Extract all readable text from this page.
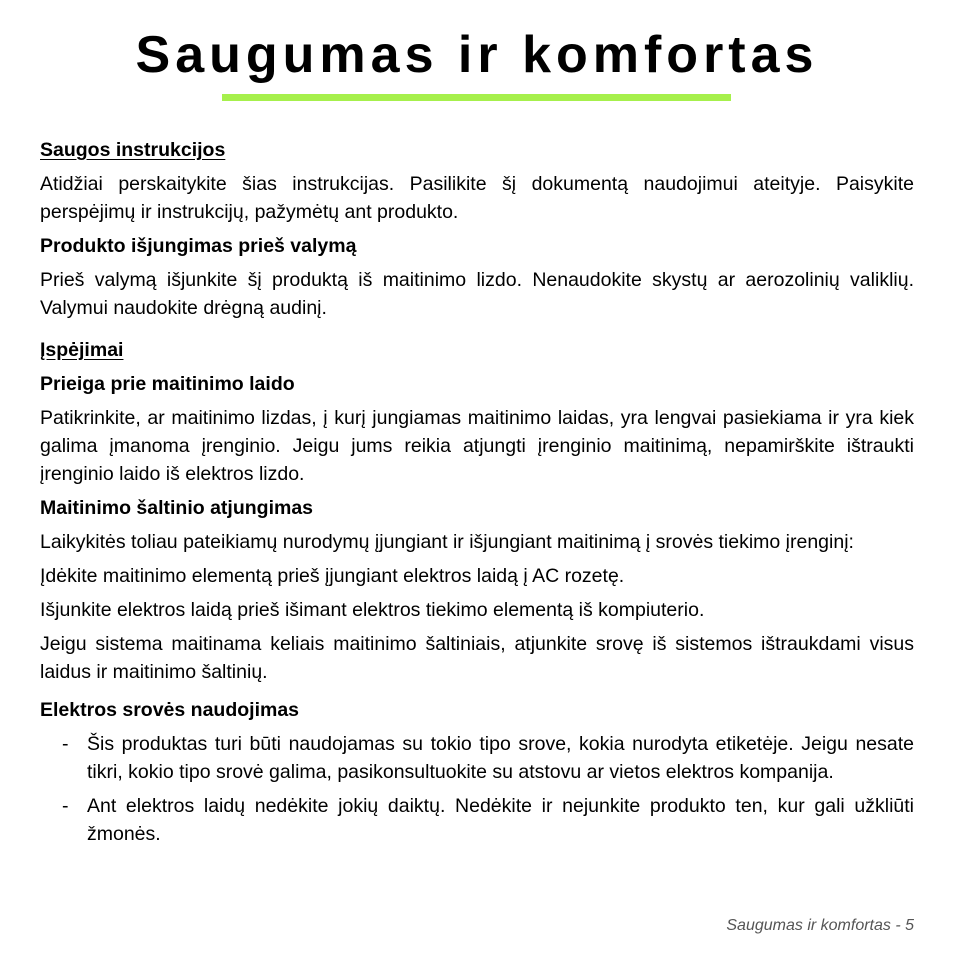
Saugumas ir komfortas
Saugos instrukcijos

Atidžiai perskaitykite šias instrukcijas. Pasilikite šį dokumentą naudojimui ateityje. Paisykite perspėjimų ir instrukcijų, pažymėtų ant produkto.

Produkto išjungimas prieš valymą

Prieš valymą išjunkite šį produktą iš maitinimo lizdo. Nenaudokite skystų ar aerozolinių valiklių. Valymui naudokite drėgną audinį.

Įspėjimai
Prieiga prie maitinimo laido

Patikrinkite, ar maitinimo lizdas, į kurį jungiamas maitinimo laidas, yra lengvai pasiekiama ir yra kiek galima įmanoma įrenginio. Jeigu jums reikia atjungti įrenginio maitinimą, nepamirškite ištraukti įrenginio laido iš elektros lizdo.

Maitinimo šaltinio atjungimas

Laikykitės toliau pateikiamų nurodymų įjungiant ir išjungiant maitinimą į srovės tiekimo įrenginį:

Įdėkite maitinimo elementą prieš įjungiant elektros laidą į AC rozetę.

Išjunkite elektros laidą prieš išimant elektros tiekimo elementą iš kompiuterio.

Jeigu sistema maitinama keliais maitinimo šaltiniais, atjunkite srovę iš sistemos ištraukdami visus laidus ir maitinimo šaltinių.

Elektros srovės naudojimas
- Šis produktas turi būti naudojamas su tokio tipo srove, kokia nurodyta etiketėje. Jeigu nesate tikri, kokio tipo srovė galima, pasikonsultuokite su atstovu ar vietos elektros kompanija.
- Ant elektros laidų nedėkite jokių daiktų. Nedėkite ir nejunkite produkto ten, kur gali užkliūti žmonės.
Saugumas ir komfortas - 5
